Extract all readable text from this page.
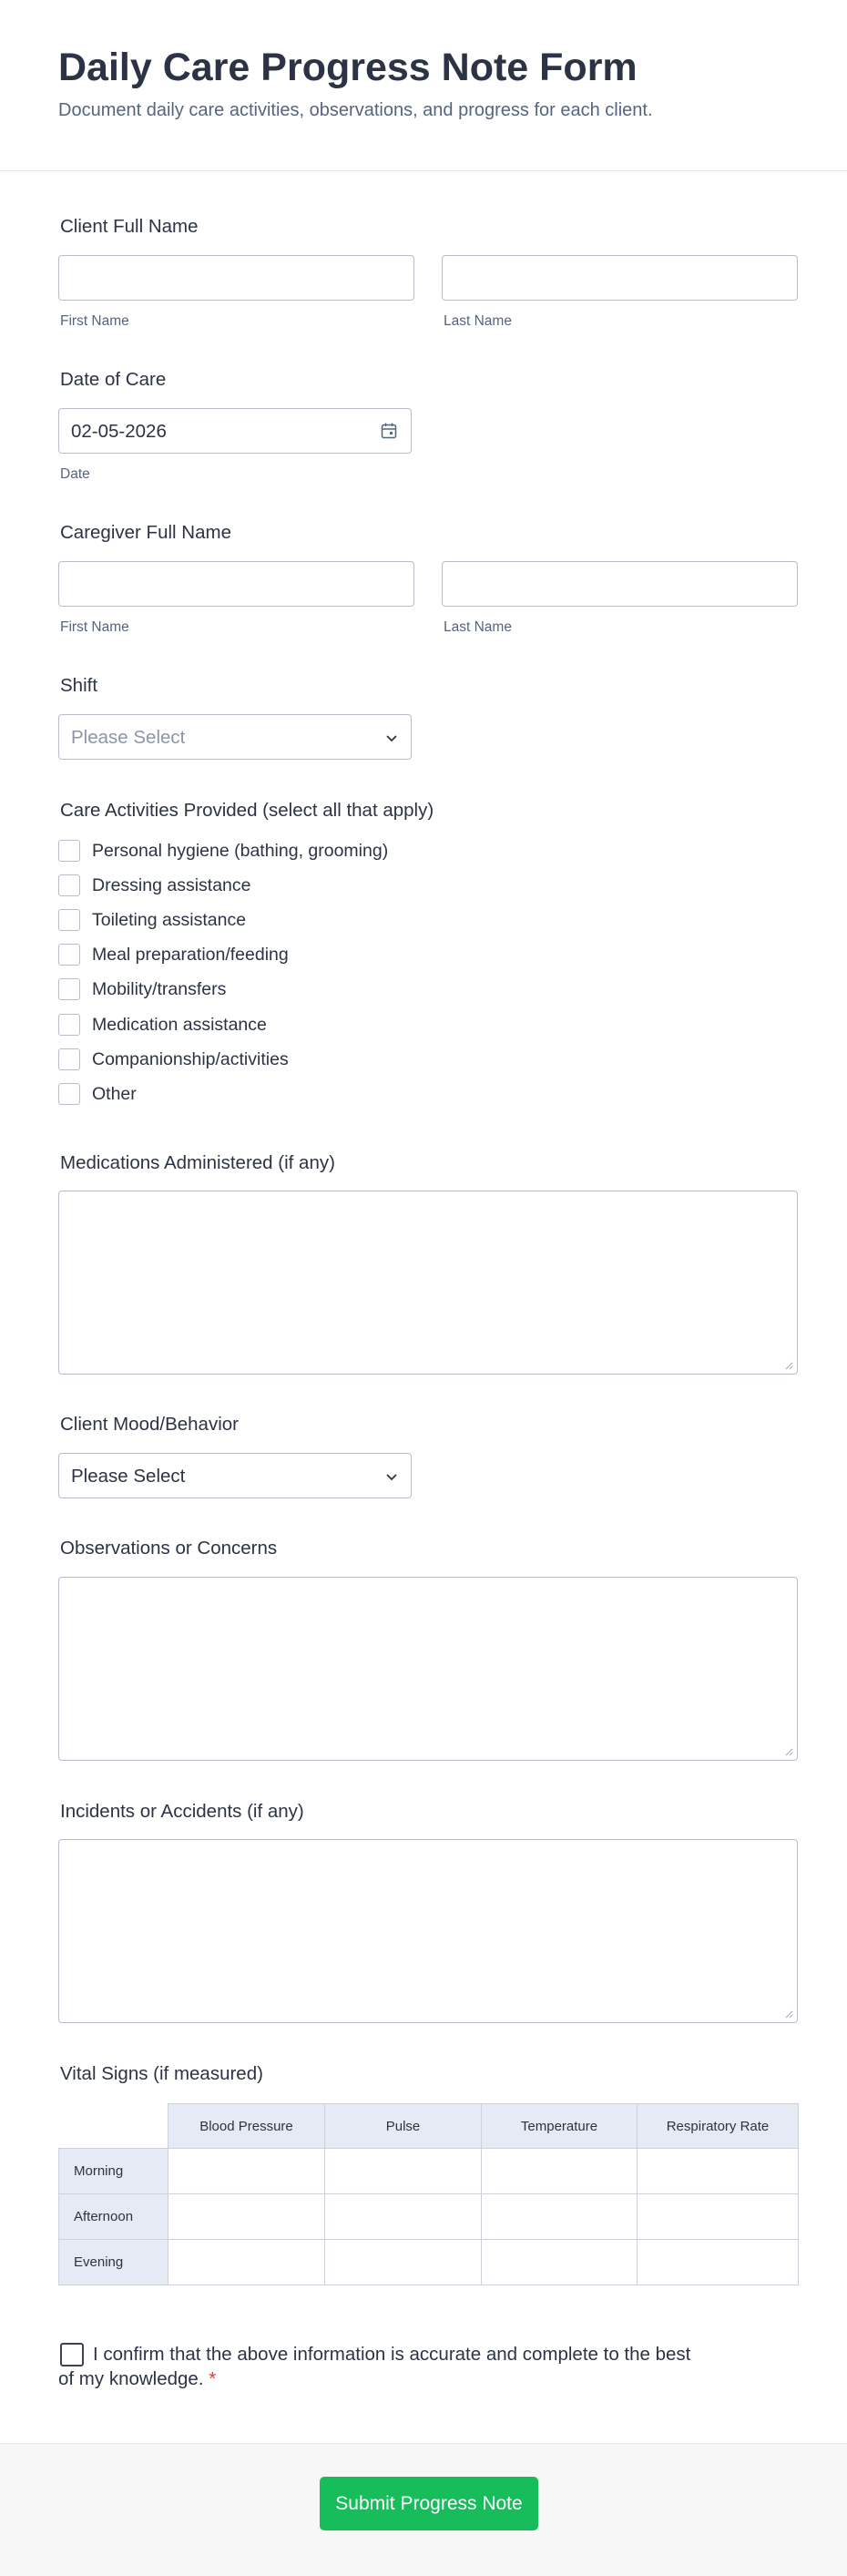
Daily Care Progress Note Form
Document daily care activities, observations, and progress for each client.
Client Full Name
First Name	Last Name
Date of Care
02-05-2026
Date
Caregiver Full Name
First Name	Last Name
Shift
Please Select
Care Activities Provided (select all that apply)
Personal hygiene (bathing, grooming)
Dressing assistance
Toileting assistance
Meal preparation/feeding
Mobility/transfers
Medication assistance
Companionship/activities
Other
Medications Administered (if any)
Client Mood/Behavior
Please Select
Observations or Concerns
Incidents or Accidents (if any)
Vital Signs (if measured)
	Blood Pressure	Pulse	Temperature	Respiratory Rate
Morning				
Afternoon				
Evening				
I confirm that the above information is accurate and complete to the best of my knowledge. *
Submit Progress Note
